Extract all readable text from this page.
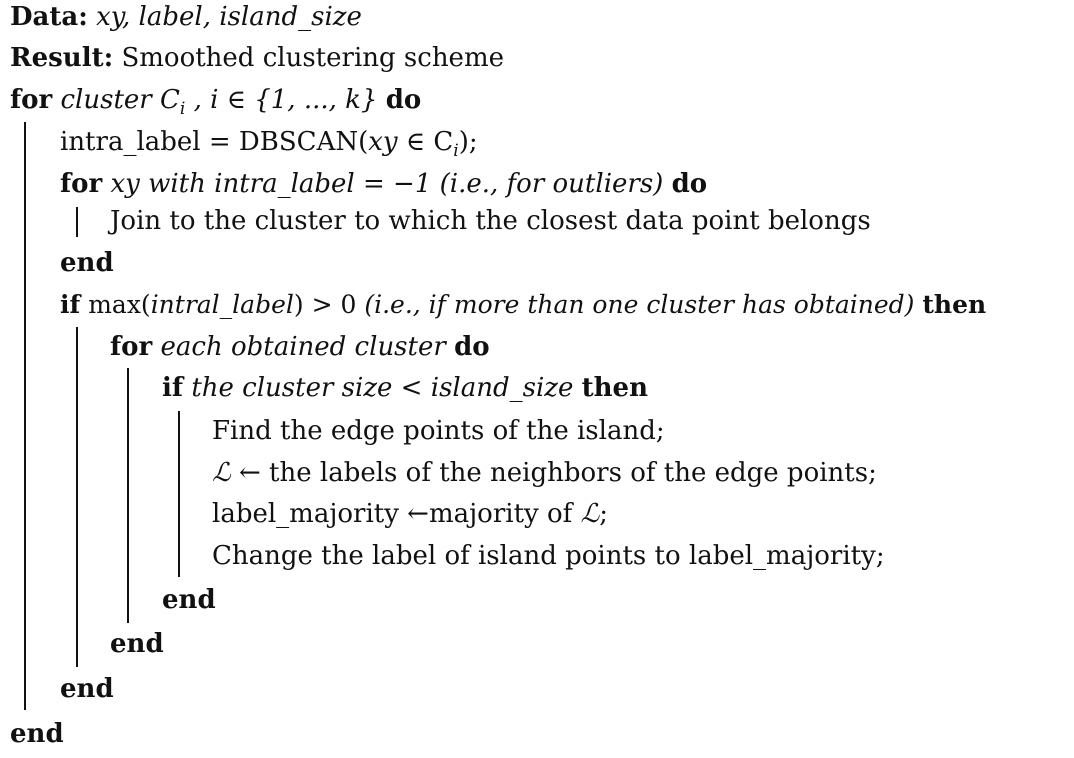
Data: xy, label, island_size
Result: Smoothed clustering scheme
for cluster $C_i$ , i ∈ {1, ..., k} do
intra_label = DBSCAN(xy ∈ $C_i$);
for xy with intra_label = −1 (i.e., for outliers) do
Join to the cluster to which the closest data point belongs
end
if max(intral_label) > 0 (i.e., if more than one cluster has obtained) then
for each obtained cluster do
if the cluster size < island_size then
Find the edge points of the island;
ℒ ← the labels of the neighbors of the edge points;
label_majority ←majority of ℒ;
Change the label of island points to label_majority;
end
end
end
end
